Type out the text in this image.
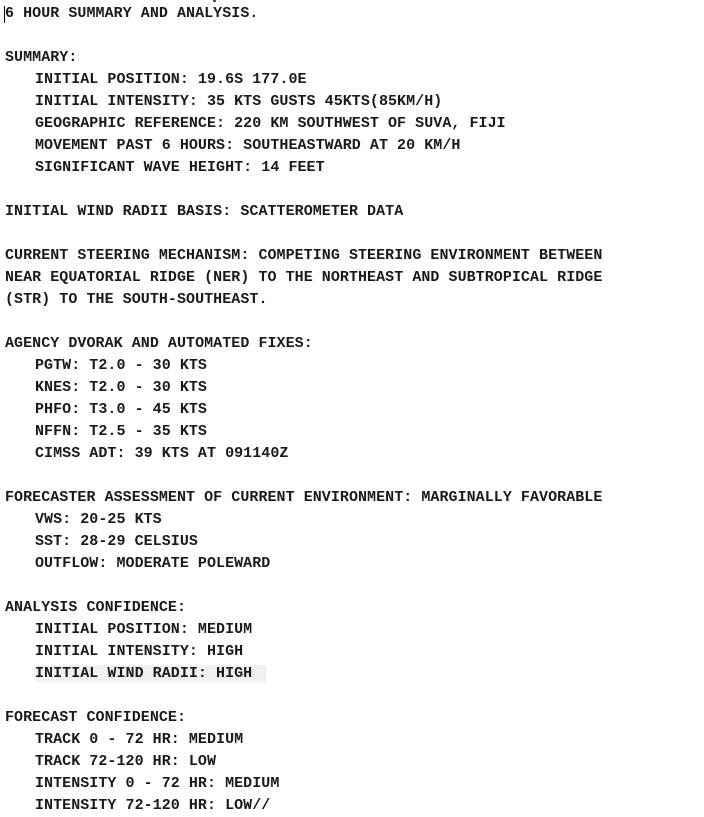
6 HOUR SUMMARY AND ANALYSIS.
SUMMARY:
INITIAL POSITION: 19.6S 177.0E
INITIAL INTENSITY: 35 KTS GUSTS 45KTS(85KM/H)
GEOGRAPHIC REFERENCE: 220 KM SOUTHWEST OF SUVA, FIJI
MOVEMENT PAST 6 HOURS: SOUTHEASTWARD AT 20 KM/H
SIGNIFICANT WAVE HEIGHT: 14 FEET
INITIAL WIND RADII BASIS: SCATTEROMETER DATA
CURRENT STEERING MECHANISM: COMPETING STEERING ENVIRONMENT BETWEEN
NEAR EQUATORIAL RIDGE (NER) TO THE NORTHEAST AND SUBTROPICAL RIDGE
(STR) TO THE SOUTH-SOUTHEAST.
AGENCY DVORAK AND AUTOMATED FIXES:
PGTW: T2.0 - 30 KTS
KNES: T2.0 - 30 KTS
PHFO: T3.0 - 45 KTS
NFFN: T2.5 - 35 KTS
CIMSS ADT: 39 KTS AT 091140Z
FORECASTER ASSESSMENT OF CURRENT ENVIRONMENT: MARGINALLY FAVORABLE
VWS: 20-25 KTS
SST: 28-29 CELSIUS
OUTFLOW: MODERATE POLEWARD
ANALYSIS CONFIDENCE:
INITIAL POSITION: MEDIUM
INITIAL INTENSITY: HIGH
INITIAL WIND RADII: HIGH
FORECAST CONFIDENCE:
TRACK 0 - 72 HR: MEDIUM
TRACK 72-120 HR: LOW
INTENSITY 0 - 72 HR: MEDIUM
INTENSITY 72-120 HR: LOW//
